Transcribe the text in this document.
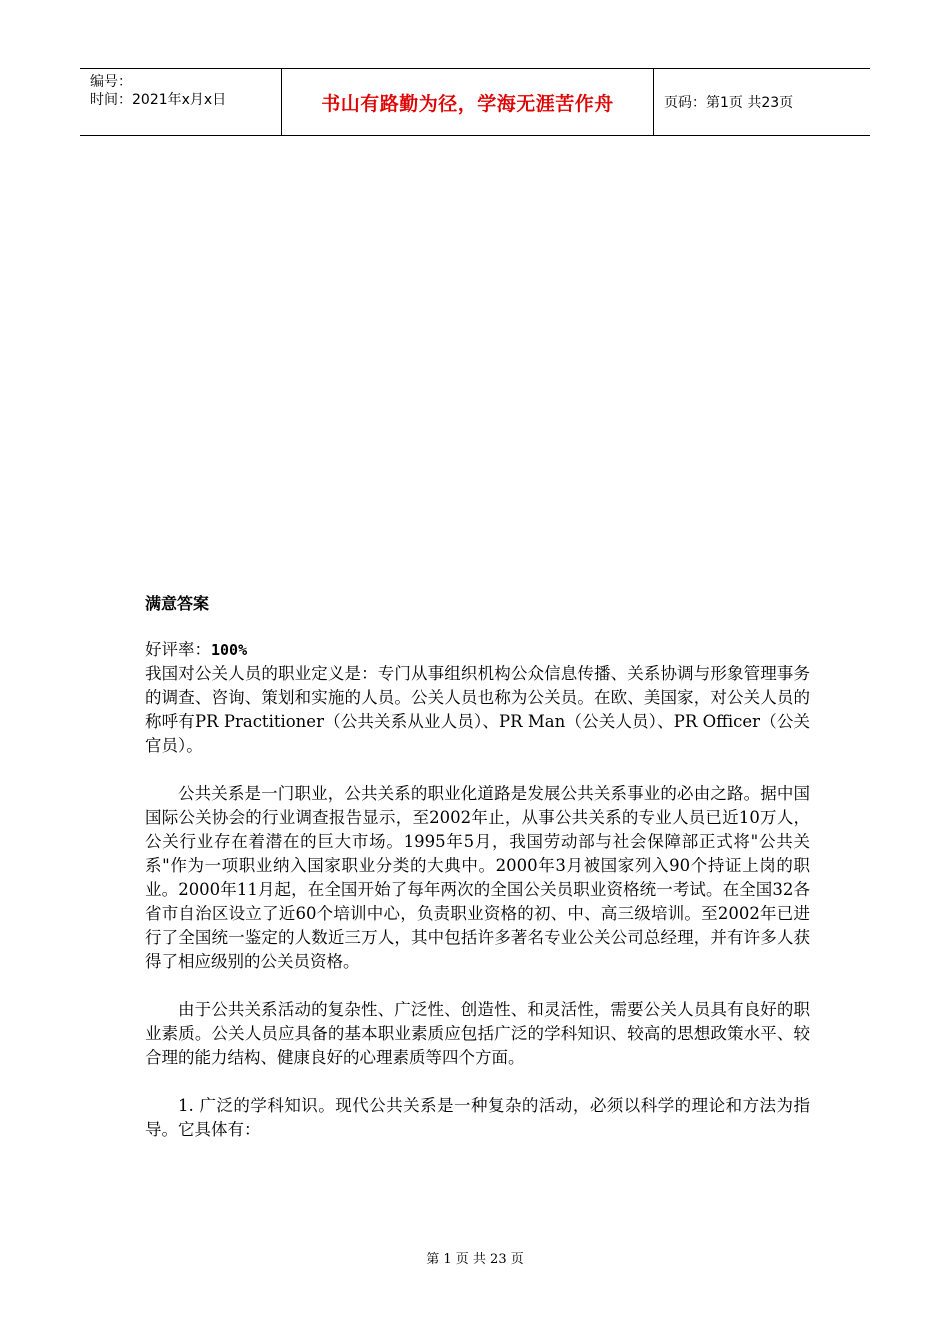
编号：
时间：2021年x月x日	书山有路勤为径，学海无涯苦作舟	页码：第1页 共23页

满意答案

好评率：100%

我国对公关人员的职业定义是：专门从事组织机构公众信息传播、关系协调与形象管理事务的调查、咨询、策划和实施的人员。公关人员也称为公关员。在欧、美国家，对公关人员的称呼有PR Practitioner（公共关系从业人员）、PR Man（公关人员）、PR Officer（公关官员）。

公共关系是一门职业，公共关系的职业化道路是发展公共关系事业的必由之路。据中国国际公关协会的行业调查报告显示，至2002年止，从事公共关系的专业人员已近10万人，公关行业存在着潜在的巨大市场。1995年5月，我国劳动部与社会保障部正式将"公共关系"作为一项职业纳入国家职业分类的大典中。2000年3月被国家列入90个持证上岗的职业。2000年11月起，在全国开始了每年两次的全国公关员职业资格统一考试。在全国32各省市自治区设立了近60个培训中心，负责职业资格的初、中、高三级培训。至2002年已进行了全国统一鉴定的人数近三万人，其中包括许多著名专业公关公司总经理，并有许多人获得了相应级别的公关员资格。

由于公共关系活动的复杂性、广泛性、创造性、和灵活性，需要公关人员具有良好的职业素质。公关人员应具备的基本职业素质应包括广泛的学科知识、较高的思想政策水平、较合理的能力结构、健康良好的心理素质等四个方面。

1. 广泛的学科知识。现代公共关系是一种复杂的活动，必须以科学的理论和方法为指导。它具体有：

第 1 页 共 23 页
